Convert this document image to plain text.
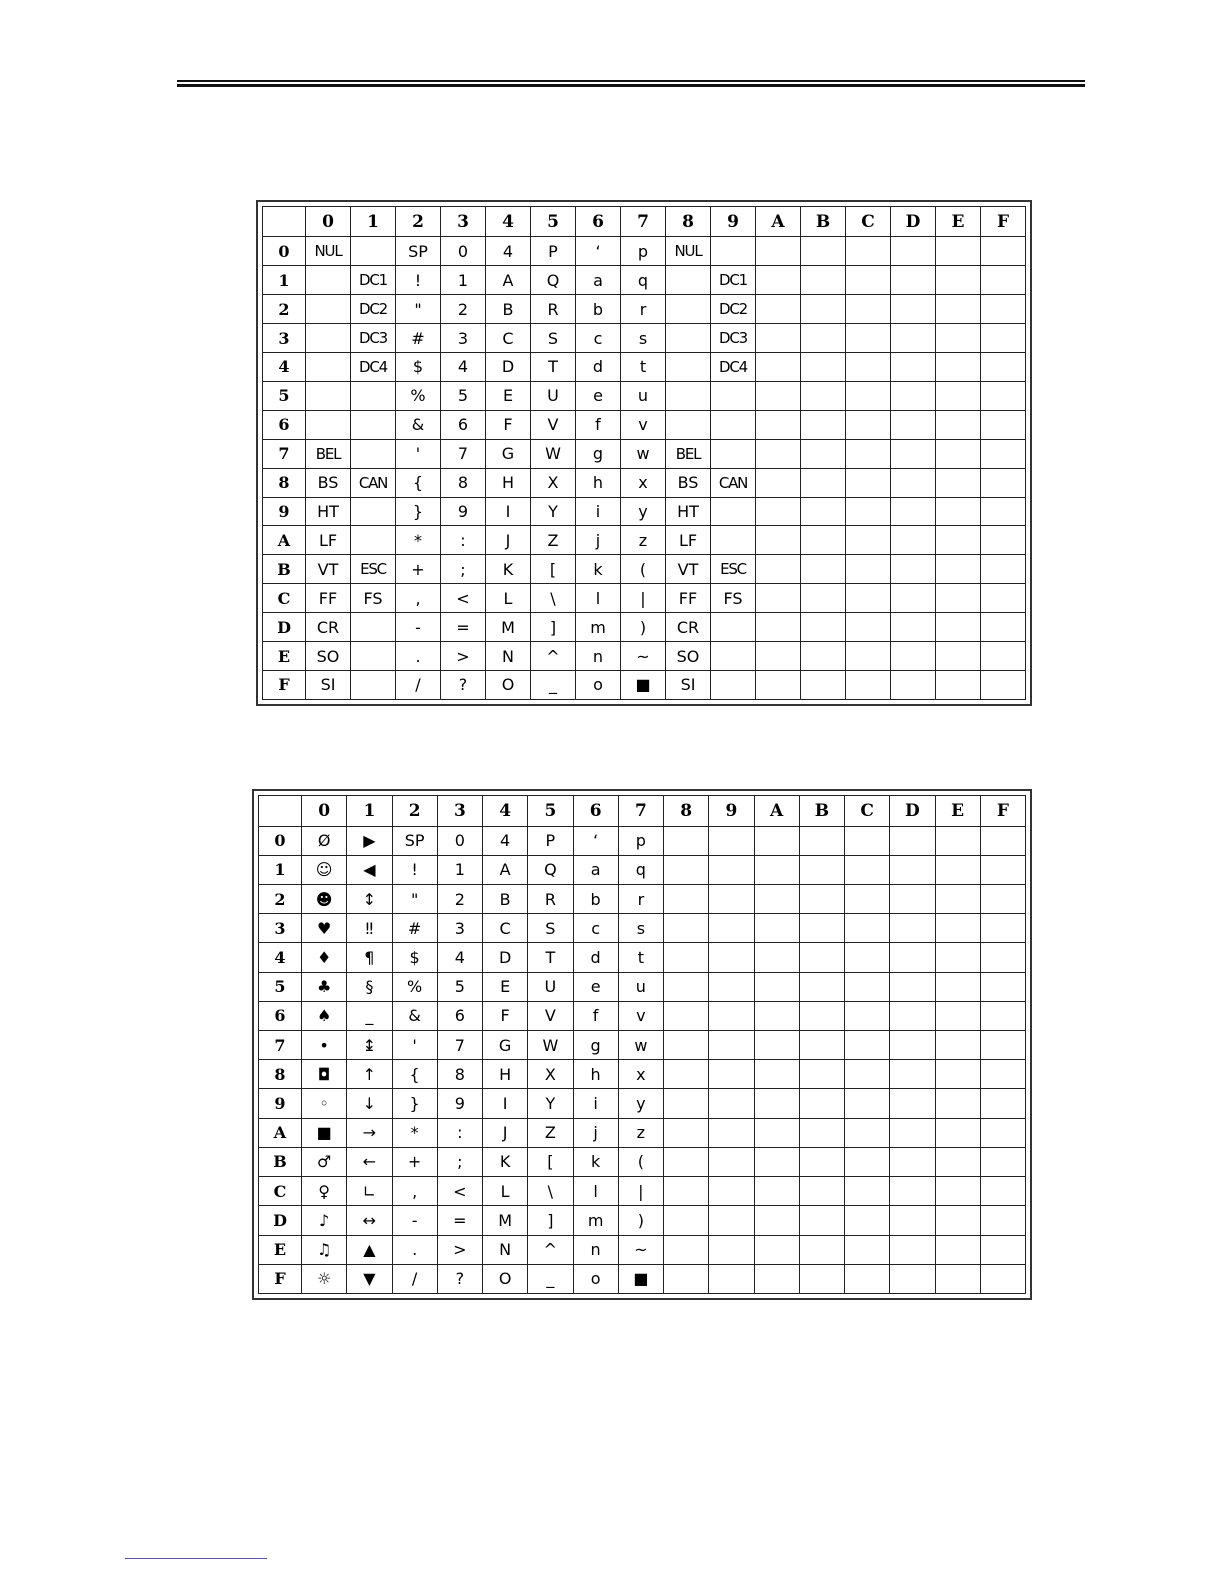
	0	1	2	3	4	5	6	7	8	9	A	B	C	D	E	F
0	NUL		SP	0	4	P	‘	p	NUL							
1		DC1	!	1	A	Q	a	q		DC1						
2		DC2	"	2	B	R	b	r		DC2						
3		DC3	#	3	C	S	c	s		DC3						
4		DC4	$	4	D	T	d	t		DC4						
5			%	5	E	U	e	u								
6			&	6	F	V	f	v								
7	BEL		'	7	G	W	g	w	BEL							
8	BS	CAN	{	8	H	X	h	x	BS	CAN						
9	HT		}	9	I	Y	i	y	HT							
A	LF		*	:	J	Z	j	z	LF							
B	VT	ESC	+	;	K	[	k	(	VT	ESC						
C	FF	FS	,	<	L	\	l	|	FF	FS						
D	CR		-	=	M	]	m	)	CR							
E	SO		.	>	N	^	n	~	SO							
F	SI		/	?	O	_	o	■	SI							
	0	1	2	3	4	5	6	7	8	9	A	B	C	D	E	F
0	Ø	▶	SP	0	4	P	‘	p								
1	☺	◀	!	1	A	Q	a	q								
2	☻	↕	"	2	B	R	b	r								
3	♥	‼	#	3	C	S	c	s								
4	♦	¶	$	4	D	T	d	t								
5	♣	§	%	5	E	U	e	u								
6	♠	_	&	6	F	V	f	v								
7	•	↨	'	7	G	W	g	w								
8	◘	↑	{	8	H	X	h	x								
9	◦	↓	}	9	I	Y	i	y								
A	■	→	*	:	J	Z	j	z								
B	♂	←	+	;	K	[	k	(								
C	♀	∟	,	<	L	\	l	|								
D	♪	↔	-	=	M	]	m	)								
E	♫	▲	.	>	N	^	n	~								
F	☼	▼	/	?	O	_	o	■								
